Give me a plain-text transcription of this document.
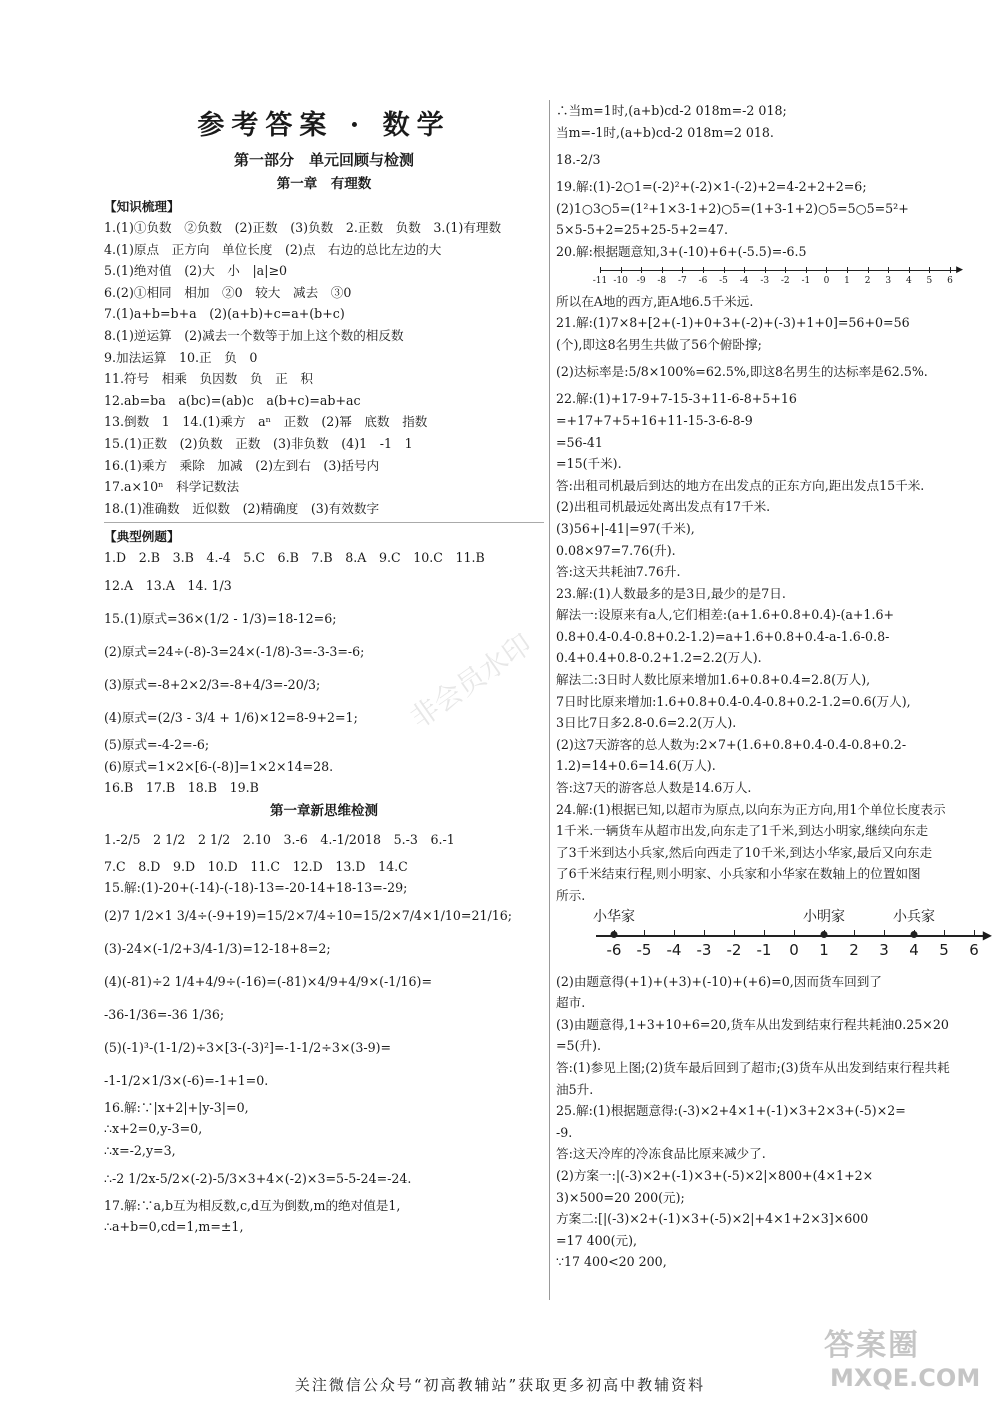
参考答案 · 数学
第一部分　单元回顾与检测
第一章　有理数
【知识梳理】
1.(1)①负数　②负数　(2)正数　(3)负数　2.正数　负数　3.(1)有理数
4.(1)原点　正方向　单位长度　(2)点　右边的总比左边的大
5.(1)绝对值　(2)大　小　|a|≥0
6.(2)①相同　相加　②0　较大　减去　③0
7.(1)a+b=b+a　(2)(a+b)+c=a+(b+c)
8.(1)逆运算　(2)减去一个数等于加上这个数的相反数
9.加法运算　10.正　负　0
11.符号　相乘　负因数　负　正　积
12.ab=ba　a(bc)=(ab)c　a(b+c)=ab+ac
13.倒数　1　14.(1)乘方　aⁿ　正数　(2)幂　底数　指数
15.(1)正数　(2)负数　正数　(3)非负数　(4)1　-1　1
16.(1)乘方　乘除　加减　(2)左到右　(3)括号内
17.a×10ⁿ　科学记数法
18.(1)准确数　近似数　(2)精确度　(3)有效数字
【典型例题】
1.D　2.B　3.B　4.-4　5.C　6.B　7.B　8.A　9.C　10.C　11.B
12.A　13.A　14. 1/3
15.(1)原式=36×(1/2 - 1/3)=18-12=6;
(2)原式=24÷(-8)-3=24×(-1/8)-3=-3-3=-6;
(3)原式=-8+2×2/3=-8+4/3=-20/3;
(4)原式=(2/3 - 3/4 + 1/6)×12=8-9+2=1;
(5)原式=-4-2=-6;
(6)原式=1×2×[6-(-8)]=1×2×14=28.
16.B　17.B　18.B　19.B
第一章新思维检测
1.-2/5　2 1/2　2 1/2　2.10　3.-6　4.-1/2018　5.-3　6.-1
7.C　8.D　9.D　10.D　11.C　12.D　13.D　14.C
15.解:(1)-20+(-14)-(-18)-13=-20-14+18-13=-29;
(2)7 1/2×1 3/4÷(-9+19)=15/2×7/4÷10=15/2×7/4×1/10=21/16;
(3)-24×(-1/2+3/4-1/3)=12-18+8=2;
(4)(-81)÷2 1/4+4/9÷(-16)=(-81)×4/9+4/9×(-1/16)=
-36-1/36=-36 1/36;
(5)(-1)³-(1-1/2)÷3×[3-(-3)²]=-1-1/2÷3×(3-9)=
-1-1/2×1/3×(-6)=-1+1=0.
16.解:∵|x+2|+|y-3|=0,
∴x+2=0,y-3=0,
∴x=-2,y=3,
∴-2 1/2x-5/2×(-2)-5/3×3+4×(-2)×3=5-5-24=-24.
17.解:∵a,b互为相反数,c,d互为倒数,m的绝对值是1,
∴a+b=0,cd=1,m=±1,
∴当m=1时,(a+b)cd-2 018m=-2 018;
当m=-1时,(a+b)cd-2 018m=2 018.
18.-2/3
19.解:(1)-2○1=(-2)²+(-2)×1-(-2)+2=4-2+2+2=6;
(2)1○3○5=(1²+1×3-1+2)○5=(1+3-1+2)○5=5○5=5²+
5×5-5+2=25+25-5+2=47.
20.解:根据题意知,3+(-10)+6+(-5.5)=-6.5
▶
-11 -10 -9 -8 -7 -6 -5 -4 -3 -2 -1 0 1 2 3 4 5 6
所以在A地的西方,距A地6.5千米远.
21.解:(1)7×8+[2+(-1)+0+3+(-2)+(-3)+1+0]=56+0=56
(个),即这8名男生共做了56个俯卧撑;
(2)达标率是:5/8×100%=62.5%,即这8名男生的达标率是62.5%.
22.解:(1)+17-9+7-15-3+11-6-8+5+16
=+17+7+5+16+11-15-3-6-8-9
=56-41
=15(千米).
答:出租司机最后到达的地方在出发点的正东方向,距出发点15千米.
(2)出租司机最远处离出发点有17千米.
(3)56+|-41|=97(千米),
0.08×97=7.76(升).
答:这天共耗油7.76升.
23.解:(1)人数最多的是3日,最少的是7日.
解法一:设原来有a人,它们相差:(a+1.6+0.8+0.4)-(a+1.6+
0.8+0.4-0.4-0.8+0.2-1.2)=a+1.6+0.8+0.4-a-1.6-0.8-
0.4+0.4+0.8-0.2+1.2=2.2(万人).
解法二:3日时人数比原来增加1.6+0.8+0.4=2.8(万人),
7日时比原来增加:1.6+0.8+0.4-0.4-0.8+0.2-1.2=0.6(万人),
3日比7日多2.8-0.6=2.2(万人).
(2)这7天游客的总人数为:2×7+(1.6+0.8+0.4-0.4-0.8+0.2-
1.2)=14+0.6=14.6(万人).
答:这7天的游客总人数是14.6万人.
24.解:(1)根据已知,以超市为原点,以向东为正方向,用1个单位长度表示
1千米.一辆货车从超市出发,向东走了1千米,到达小明家,继续向东走
了3千米到达小兵家,然后向西走了10千米,到达小华家,最后又向东走
了6千米结束行程,则小明家、小兵家和小华家在数轴上的位置如图
所示.
▶
-6 -5 -4 -3 -2 -1 0 1 2 3 4 5 6
小华家	小明家	小兵家
(2)由题意得(+1)+(+3)+(-10)+(+6)=0,因而货车回到了
超市.
(3)由题意得,1+3+10+6=20,货车从出发到结束行程共耗油0.25×20
=5(升).
答:(1)参见上图;(2)货车最后回到了超市;(3)货车从出发到结束行程共耗
油5升.
25.解:(1)根据题意得:(-3)×2+4×1+(-1)×3+2×3+(-5)×2=
-9.
答:这天冷库的冷冻食品比原来减少了.
(2)方案一:|(-3)×2+(-1)×3+(-5)×2|×800+(4×1+2×
3)×500=20 200(元);
方案二:[|(-3)×2+(-1)×3+(-5)×2|+4×1+2×3]×600
=17 400(元),
∵17 400<20 200,
非会员水印
答案圈
MXQE.COM
关注微信公众号“初高教辅站”获取更多初高中教辅资料
